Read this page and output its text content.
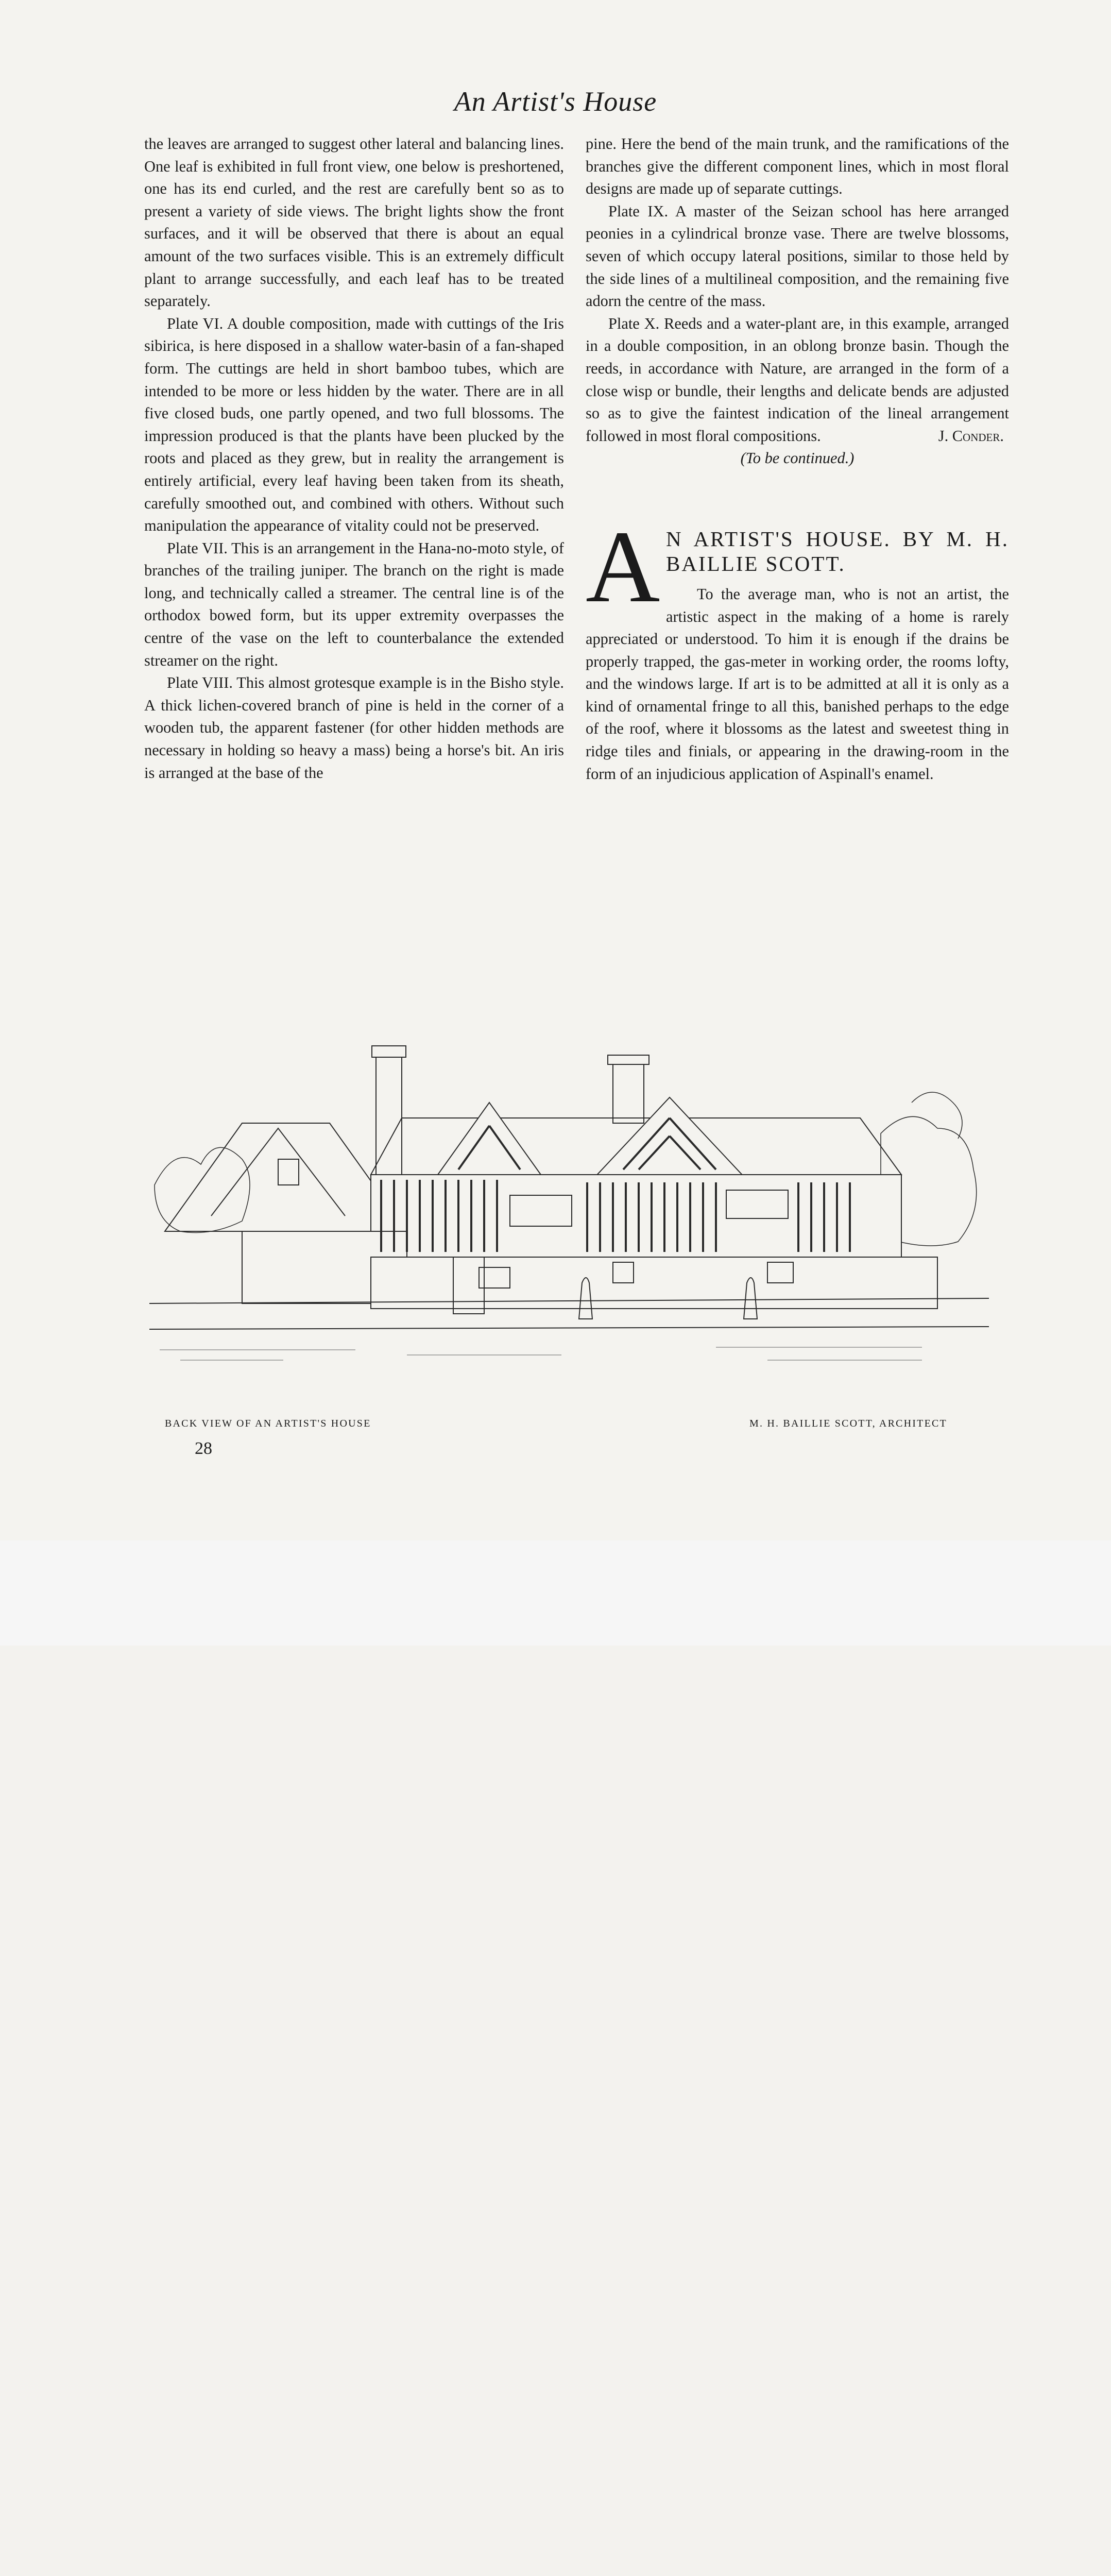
An Artist's House

the leaves are arranged to suggest other lateral and balancing lines. One leaf is exhibited in full front view, one below is preshortened, one has its end curled, and the rest are carefully bent so as to present a variety of side views. The bright lights show the front surfaces, and it will be observed that there is about an equal amount of the two surfaces visible. This is an extremely difficult plant to arrange successfully, and each leaf has to be treated separately.

Plate VI. A double composition, made with cuttings of the Iris sibirica, is here disposed in a shallow water-basin of a fan-shaped form. The cuttings are held in short bamboo tubes, which are intended to be more or less hidden by the water. There are in all five closed buds, one partly opened, and two full blossoms. The impression produced is that the plants have been plucked by the roots and placed as they grew, but in reality the arrangement is entirely artificial, every leaf having been taken from its sheath, carefully smoothed out, and combined with others. Without such manipulation the appearance of vitality could not be preserved.

Plate VII. This is an arrangement in the Hana-no-moto style, of branches of the trailing juniper. The branch on the right is made long, and technically called a streamer. The central line is of the orthodox bowed form, but its upper extremity overpasses the centre of the vase on the left to counterbalance the extended streamer on the right.

Plate VIII. This almost grotesque example is in the Bisho style. A thick lichen-covered branch of pine is held in the corner of a wooden tub, the apparent fastener (for other hidden methods are necessary in holding so heavy a mass) being a horse's bit. An iris is arranged at the base of the

pine. Here the bend of the main trunk, and the ramifications of the branches give the different component lines, which in most floral designs are made up of separate cuttings.

Plate IX. A master of the Seizan school has here arranged peonies in a cylindrical bronze vase. There are twelve blossoms, seven of which occupy lateral positions, similar to those held by the side lines of a multilineal composition, and the remaining five adorn the centre of the mass.

Plate X. Reeds and a water-plant are, in this example, arranged in a double composition, in an oblong bronze basin. Though the reeds, in accordance with Nature, are arranged in the form of a close wisp or bundle, their lengths and delicate bends are adjusted so as to give the faintest indication of the lineal arrangement followed in most floral compositions.	J. Conder.

(To be continued.)

A N ARTIST'S HOUSE. BY M. H. BAILLIE SCOTT.

To the average man, who is not an artist, the artistic aspect in the making of a home is rarely appreciated or understood. To him it is enough if the drains be properly trapped, the gas-meter in working order, the rooms lofty, and the windows large. If art is to be admitted at all it is only as a kind of ornamental fringe to all this, banished perhaps to the edge of the roof, where it blossoms as the latest and sweetest thing in ridge tiles and finials, or appearing in the drawing-room in the form of an injudicious application of Aspinall's enamel.

BACK VIEW OF AN ARTIST'S HOUSE	M. H. BAILLIE SCOTT, ARCHITECT
28
